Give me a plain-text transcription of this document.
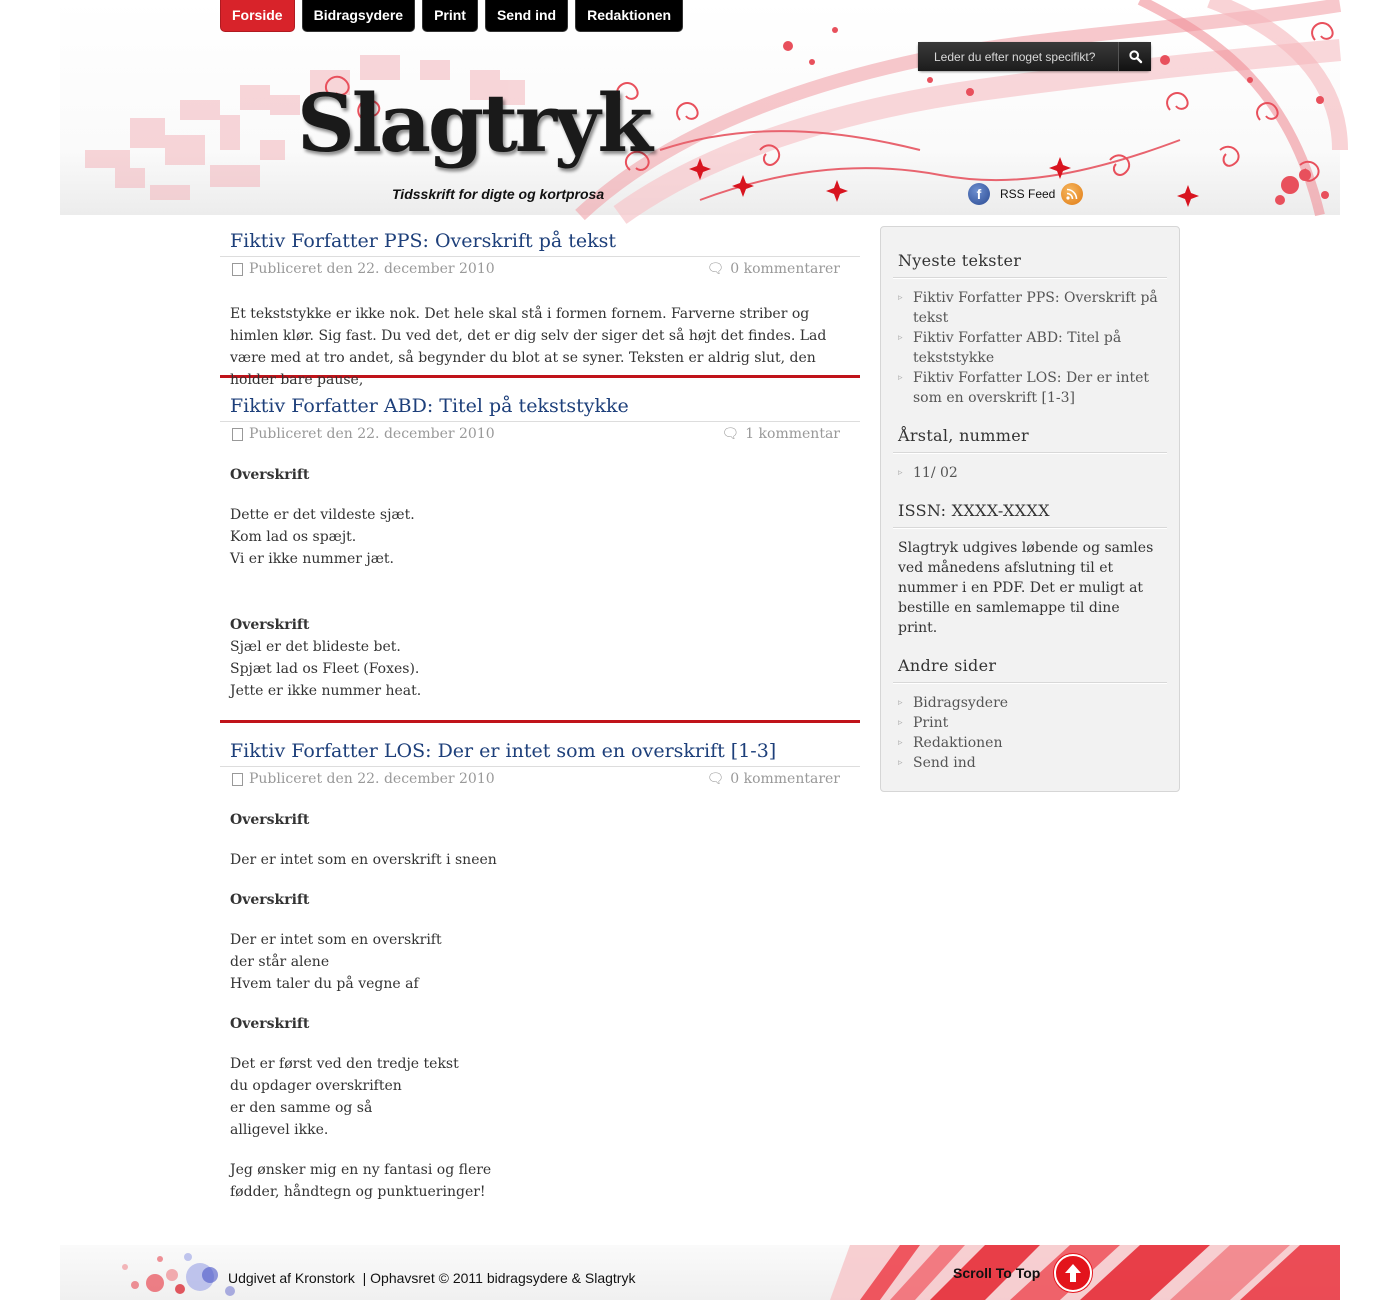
Slagtryk
Tidsskrift for digte og kortprosa
Forside	Bidragsydere	Print	Send ind	Redaktionen
Leder du efter noget specifikt?
f	RSS Feed
Fiktiv Forfatter PPS: Overskrift på tekst
Publiceret den 22. december 2010	🗨 0 kommentarer
Et tekststykke er ikke nok. Det hele skal stå i formen fornem. Farverne striber og himlen klør. Sig fast. Du ved det, det er dig selv der siger det så højt det findes. Lad være med at tro andet, så begynder du blot at se syner. Teksten er aldrig slut, den holder bare pause,
Fiktiv Forfatter ABD: Titel på tekststykke
Publiceret den 22. december 2010	🗨 1 kommentar

Overskrift

Dette er det vildeste sjæt.
Kom lad os spæjt.
Vi er ikke nummer jæt.
Overskrift
Sjæl er det blideste bet.
Spjæt lad os Fleet (Foxes).
Jette er ikke nummer heat.
Fiktiv Forfatter LOS: Der er intet som en overskrift [1-3]
Publiceret den 22. december 2010	🗨 0 kommentarer

Overskrift

Der er intet som en overskrift i sneen

Overskrift

Der er intet som en overskrift
der står alene
Hvem taler du på vegne af

Overskrift

Det er først ved den tredje tekst
du opdager overskriften
er den samme og så
alligevel ikke.
Jeg ønsker mig en ny fantasi og flere
fødder, håndtegn og punktueringer!
Nyeste tekster
▹ Fiktiv Forfatter PPS: Overskrift på tekst
▹ Fiktiv Forfatter ABD: Titel på tekststykke
▹ Fiktiv Forfatter LOS: Der er intet som en overskrift [1-3]
Årstal, nummer
▹ 11/ 02
ISSN: XXXX-XXXX
Slagtryk udgives løbende og samles ved månedens afslutning til et nummer i en PDF. Det er muligt at bestille en samlemappe til dine print.
Andre sider
▹ Bidragsydere
▹ Print
▹ Redaktionen
▹ Send ind
Udgivet af Kronstork  | Ophavsret © 2011 bidragsydere & Slagtryk	Scroll To Top
